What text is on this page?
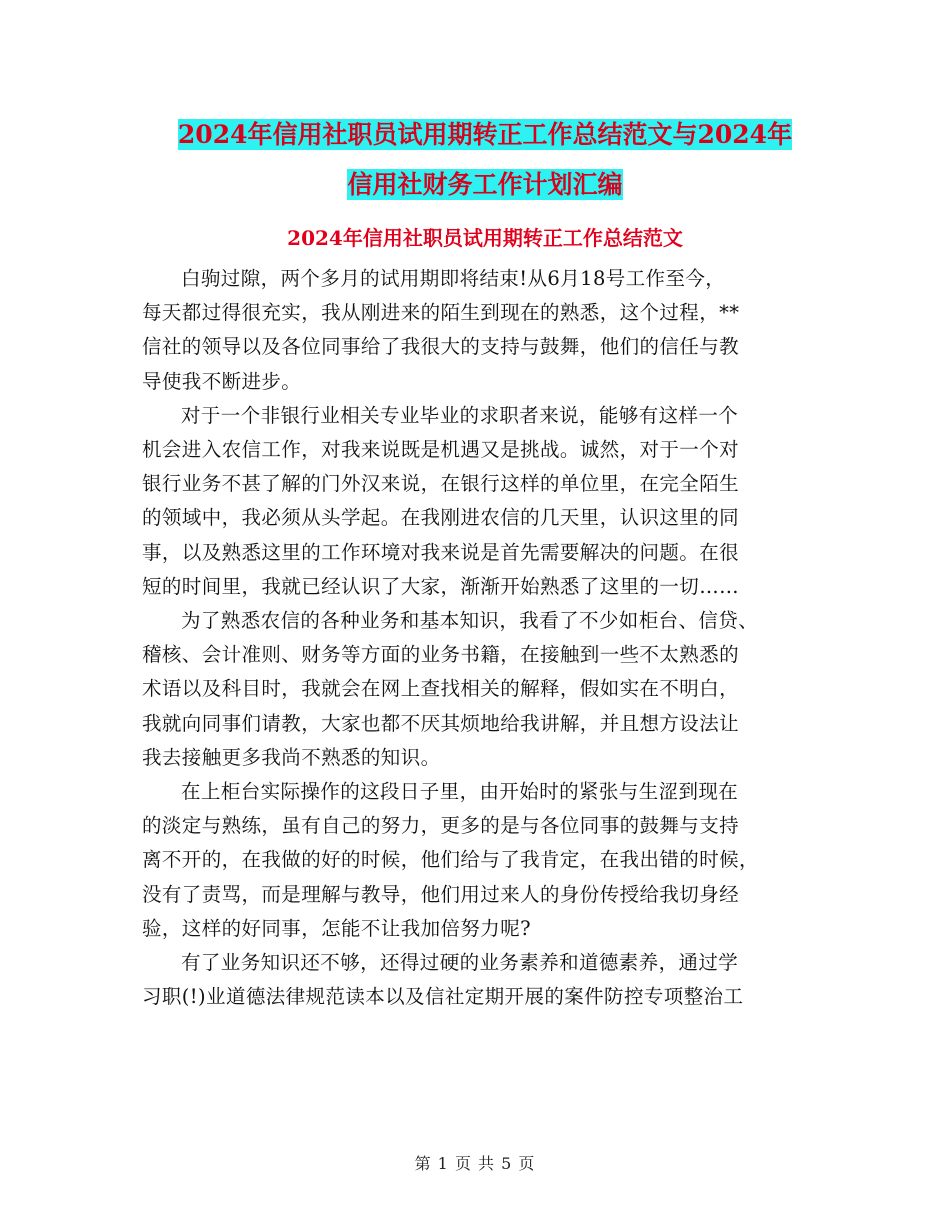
2024年信用社职员试用期转正工作总结范文与2024年
信用社财务工作计划汇编
2024年信用社职员试用期转正工作总结范文

白驹过隙，两个多月的试用期即将结束!从6月18号工作至今，
每天都过得很充实，我从刚进来的陌生到现在的熟悉，这个过程，**
信社的领导以及各位同事给了我很大的支持与鼓舞，他们的信任与教
导使我不断进步。

对于一个非银行业相关专业毕业的求职者来说，能够有这样一个
机会进入农信工作，对我来说既是机遇又是挑战。诚然，对于一个对
银行业务不甚了解的门外汉来说，在银行这样的单位里，在完全陌生
的领域中，我必须从头学起。在我刚进农信的几天里，认识这里的同
事，以及熟悉这里的工作环境对我来说是首先需要解决的问题。在很
短的时间里，我就已经认识了大家，渐渐开始熟悉了这里的一切……

为了熟悉农信的各种业务和基本知识，我看了不少如柜台、信贷、
稽核、会计准则、财务等方面的业务书籍，在接触到一些不太熟悉的
术语以及科目时，我就会在网上查找相关的解释，假如实在不明白，
我就向同事们请教，大家也都不厌其烦地给我讲解，并且想方设法让
我去接触更多我尚不熟悉的知识。

在上柜台实际操作的这段日子里，由开始时的紧张与生涩到现在
的淡定与熟练，虽有自己的努力，更多的是与各位同事的鼓舞与支持
离不开的，在我做的好的时候，他们给与了我肯定，在我出错的时候，
没有了责骂，而是理解与教导，他们用过来人的身份传授给我切身经
验，这样的好同事，怎能不让我加倍努力呢?

有了业务知识还不够，还得过硬的业务素养和道德素养，通过学
习职(!)业道德法律规范读本以及信社定期开展的案件防控专项整治工

第 1 页 共 5 页
